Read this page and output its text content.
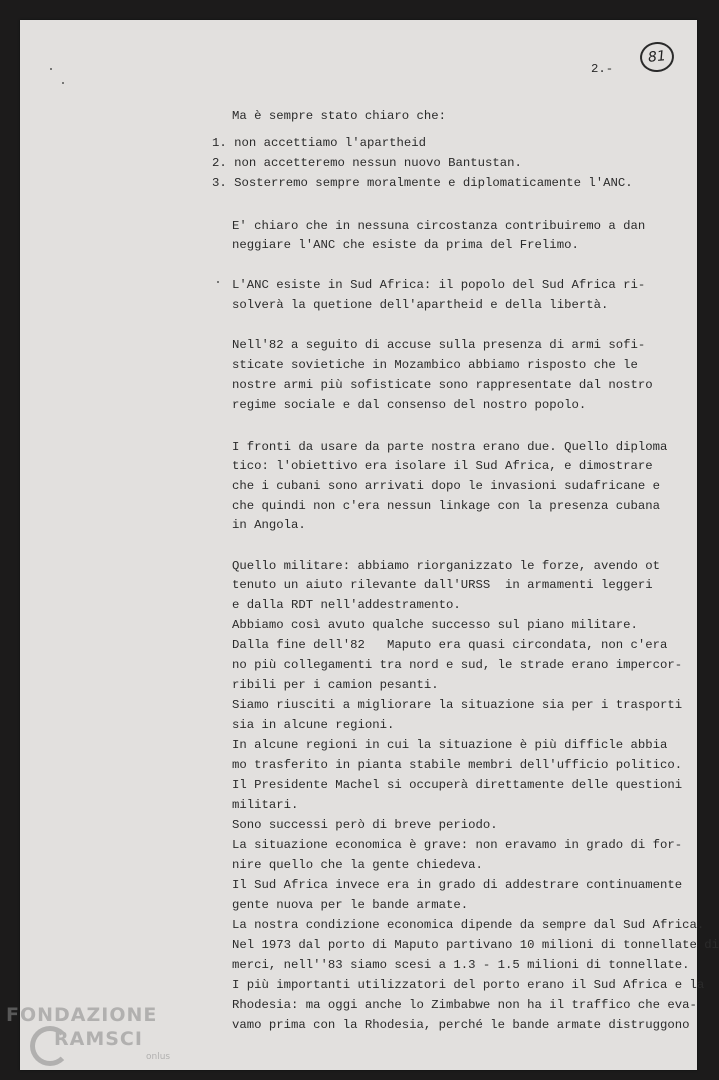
2.-
81

Ma è sempre stato chiaro che:

1. non accettiamo l'apartheid

2. non accetteremo nessun nuovo Bantustan.

3. Sosterremo sempre moralmente e diplomaticamente l'ANC.

E' chiaro che in nessuna circostanza contribuiremo a dan

neggiare l'ANC che esiste da prima del Frelimo.

L'ANC esiste in Sud Africa: il popolo del Sud Africa ri-

solverà la quetione dell'apartheid e della libertà.

Nell'82 a seguito di accuse sulla presenza di armi sofi-

sticate sovietiche in Mozambico abbiamo risposto che le

nostre armi più sofisticate sono rappresentate dal nostro

regime sociale e dal consenso del nostro popolo.

I fronti da usare da parte nostra erano due. Quello diploma

tico: l'obiettivo era isolare il Sud Africa, e dimostrare

che i cubani sono arrivati dopo le invasioni sudafricane e

che quindi non c'era nessun linkage con la presenza cubana

in Angola.

Quello militare: abbiamo riorganizzato le forze, avendo ot

tenuto un aiuto rilevante dall'URSS  in armamenti leggeri

e dalla RDT nell'addestramento.

Abbiamo così avuto qualche successo sul piano militare.

Dalla fine dell'82   Maputo era quasi circondata, non c'era

no più collegamenti tra nord e sud, le strade erano impercor-

ribili per i camion pesanti.

Siamo riusciti a migliorare la situazione sia per i trasporti

sia in alcune regioni.

In alcune regioni in cui la situazione è più difficle abbia

mo trasferito in pianta stabile membri dell'ufficio politico.

Il Presidente Machel si occuperà direttamente delle questioni

militari.

Sono successi però di breve periodo.

La situazione economica è grave: non eravamo in grado di for-

nire quello che la gente chiedeva.

Il Sud Africa invece era in grado di addestrare continuamente

gente nuova per le bande armate.

La nostra condizione economica dipende da sempre dal Sud Africa.

Nel 1973 dal porto di Maputo partivano 10 milioni di tonnellate di

merci, nell''83 siamo scesi a 1.3 - 1.5 milioni di tonnellate.

I più importanti utilizzatori del porto erano il Sud Africa e la

Rhodesia: ma oggi anche lo Zimbabwe non ha il traffico che eva-

vamo prima con la Rhodesia, perché le bande armate distruggono

FONDAZIONE
RAMSCI
onlus
